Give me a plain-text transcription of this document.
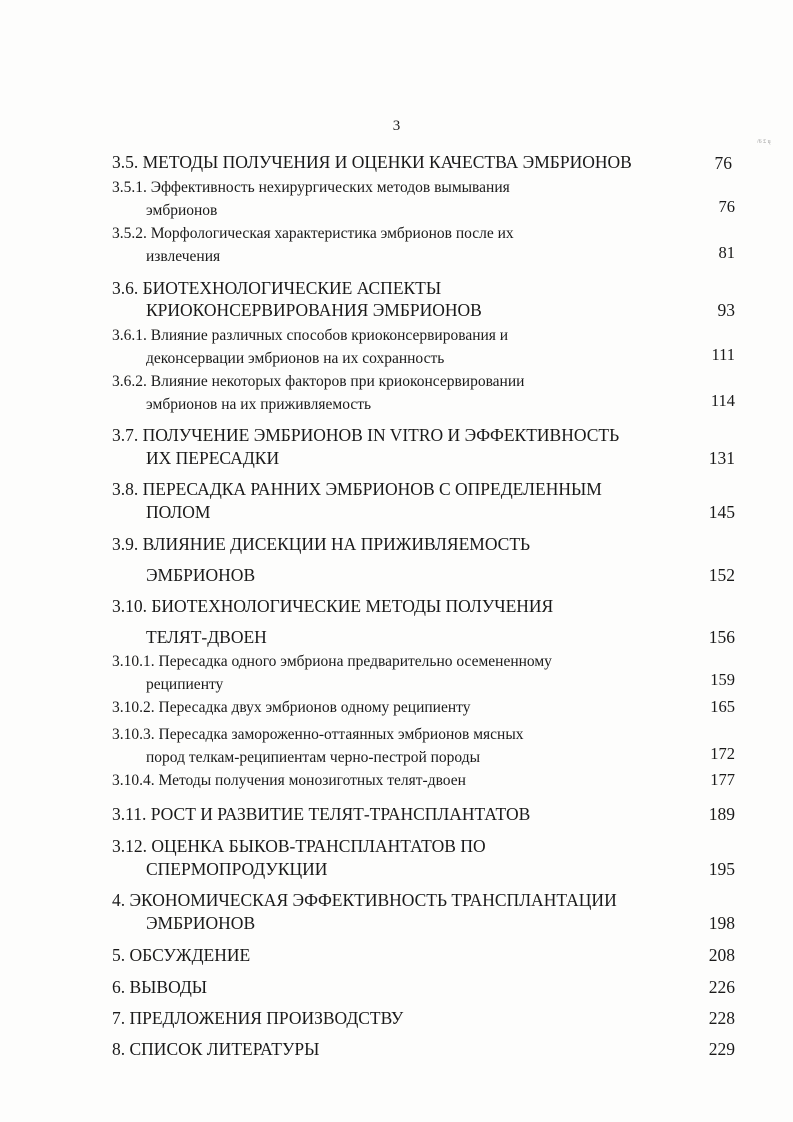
3
/6 £ ų
3.5. МЕТОДЫ ПОЛУЧЕНИЯ И ОЦЕНКИ КАЧЕСТВА ЭМБРИОНОВ	76
3.5.1. Эффективность нехирургических методов вымывания
эмбрионов	76
3.5.2. Морфологическая характеристика эмбрионов после их
извлечения	81
3.6. БИОТЕХНОЛОГИЧЕСКИЕ АСПЕКТЫ
КРИОКОНСЕРВИРОВАНИЯ ЭМБРИОНОВ	93
3.6.1. Влияние различных способов криоконсервирования и
деконсервации эмбрионов на их сохранность	111
3.6.2. Влияние некоторых факторов при криоконсервировании
эмбрионов на их приживляемость	114
3.7. ПОЛУЧЕНИЕ ЭМБРИОНОВ IN VITRO И ЭФФЕКТИВНОСТЬ
ИХ ПЕРЕСАДКИ	131
3.8. ПЕРЕСАДКА РАННИХ ЭМБРИОНОВ С ОПРЕДЕЛЕННЫМ
ПОЛОМ	145
3.9. ВЛИЯНИЕ ДИСЕКЦИИ НА ПРИЖИВЛЯЕМОСТЬ
ЭМБРИОНОВ	152
3.10. БИОТЕХНОЛОГИЧЕСКИЕ МЕТОДЫ ПОЛУЧЕНИЯ
ТЕЛЯТ-ДВОЕН	156
3.10.1. Пересадка одного эмбриона предварительно осемененному
реципиенту	159
3.10.2. Пересадка двух эмбрионов одному реципиенту	165
3.10.3. Пересадка замороженно-оттаянных эмбрионов мясных
пород телкам-реципиентам черно-пестрой породы	172
3.10.4. Методы получения монозиготных телят-двоен	177
3.11. РОСТ И РАЗВИТИЕ ТЕЛЯТ-ТРАНСПЛАНТАТОВ	189
3.12. ОЦЕНКА БЫКОВ-ТРАНСПЛАНТАТОВ ПО
СПЕРМОПРОДУКЦИИ	195
4. ЭКОНОМИЧЕСКАЯ ЭФФЕКТИВНОСТЬ ТРАНСПЛАНТАЦИИ
ЭМБРИОНОВ	198
5. ОБСУЖДЕНИЕ	208
6. ВЫВОДЫ	226
7. ПРЕДЛОЖЕНИЯ ПРОИЗВОДСТВУ	228
8. СПИСОК ЛИТЕРАТУРЫ	229
